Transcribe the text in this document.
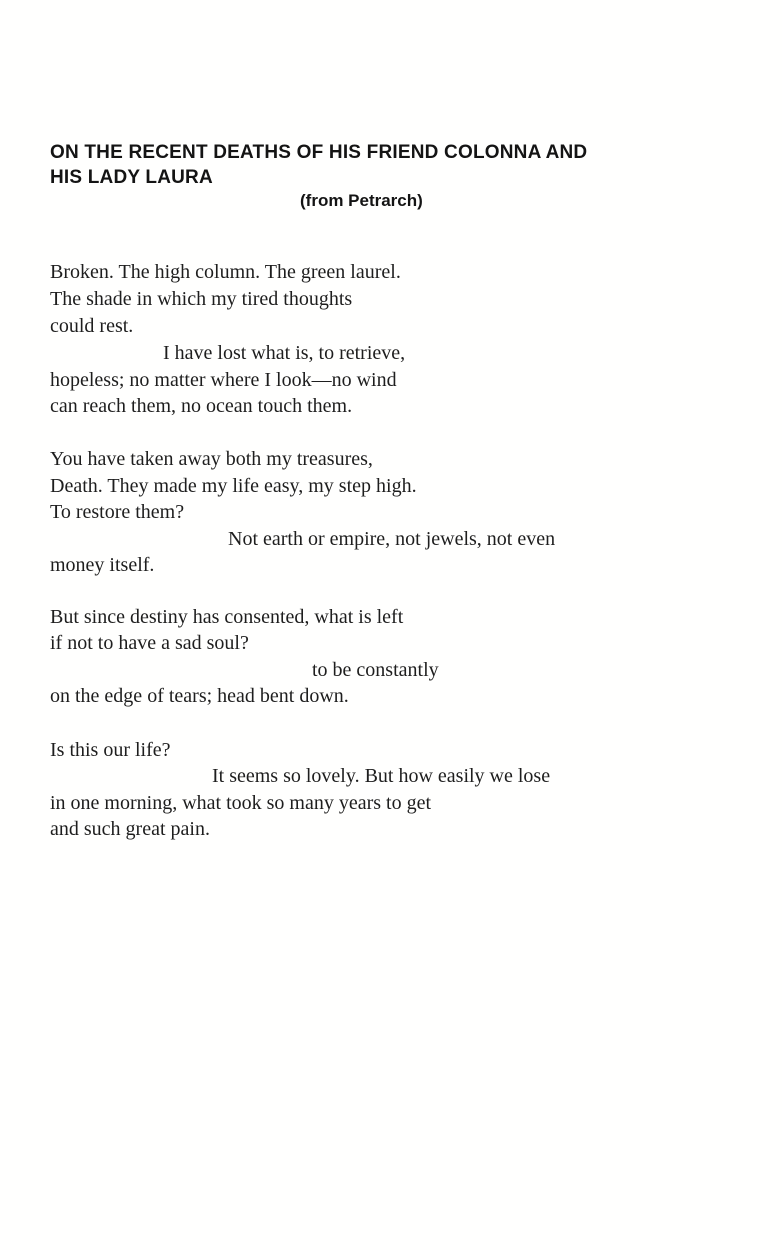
ON THE RECENT DEATHS OF HIS FRIEND COLONNA AND
HIS LADY LAURA
(from Petrarch)
Broken. The high column. The green laurel.
The shade in which my tired thoughts
could rest.
I have lost what is, to retrieve,
hopeless; no matter where I look—no wind
can reach them, no ocean touch them.
You have taken away both my treasures,
Death. They made my life easy, my step high.
To restore them?
Not earth or empire, not jewels, not even
money itself.
But since destiny has consented, what is left
if not to have a sad soul?
to be constantly
on the edge of tears; head bent down.
Is this our life?
It seems so lovely. But how easily we lose
in one morning, what took so many years to get
and such great pain.
